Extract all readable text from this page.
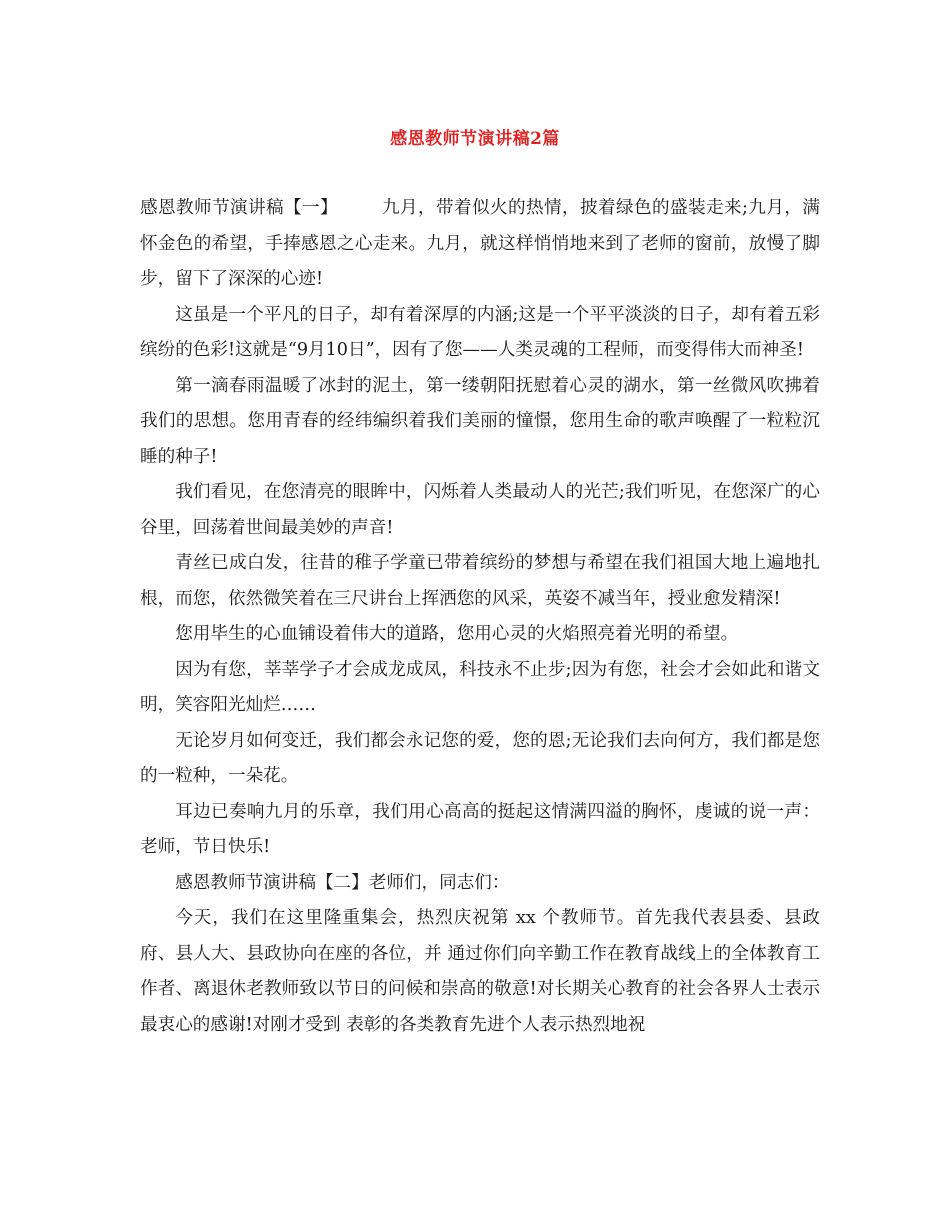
感恩教师节演讲稿2篇

感恩教师节演讲稿【一】	九月，带着似火的热情，披着绿色的盛装走来;九月，满怀金色的希望，手捧感恩之心走来。九月，就这样悄悄地来到了老师的窗前，放慢了脚步，留下了深深的心迹!

这虽是一个平凡的日子，却有着深厚的内涵;这是一个平平淡淡的日子，却有着五彩缤纷的色彩!这就是“9月10日”，因有了您——人类灵魂的工程师，而变得伟大而神圣!

第一滴春雨温暖了冰封的泥土，第一缕朝阳抚慰着心灵的湖水，第一丝微风吹拂着我们的思想。您用青春的经纬编织着我们美丽的憧憬，您用生命的歌声唤醒了一粒粒沉睡的种子!

我们看见，在您清亮的眼眸中，闪烁着人类最动人的光芒;我们听见，在您深广的心谷里，回荡着世间最美妙的声音!

青丝已成白发，往昔的稚子学童已带着缤纷的梦想与希望在我们祖国大地上遍地扎根，而您，依然微笑着在三尺讲台上挥洒您的风采，英姿不减当年，授业愈发精深!

您用毕生的心血铺设着伟大的道路，您用心灵的火焰照亮着光明的希望。

因为有您，莘莘学子才会成龙成凤，科技永不止步;因为有您，社会才会如此和谐文明，笑容阳光灿烂……

无论岁月如何变迁，我们都会永记您的爱，您的恩;无论我们去向何方，我们都是您的一粒种，一朵花。

耳边已奏响九月的乐章，我们用心高高的挺起这情满四溢的胸怀，虔诚的说一声：老师，节日快乐!

感恩教师节演讲稿【二】老师们，同志们：

今天，我们在这里隆重集会，热烈庆祝第 xx 个教师节。首先我代表县委、县政府、县人大、县政协向在座的各位，并 通过你们向辛勤工作在教育战线上的全体教育工作者、离退休老教师致以节日的问候和崇高的敬意!对长期关心教育的社会各界人士表示最衷心的感谢!对刚才受到 表彰的各类教育先进个人表示热烈地祝
